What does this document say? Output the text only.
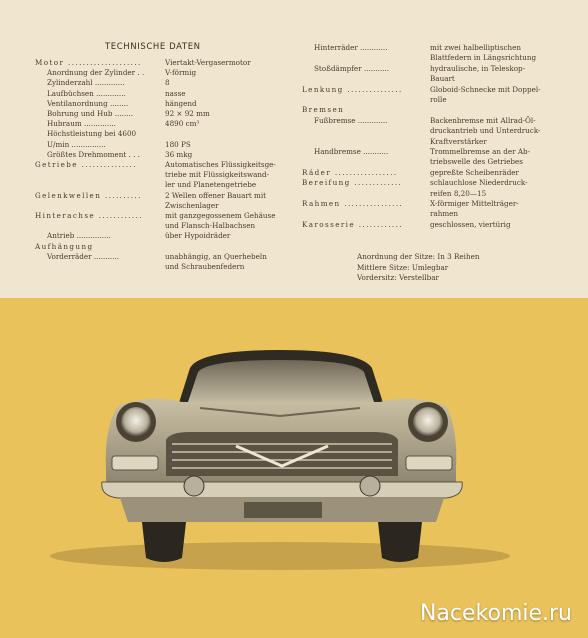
TECHNISCHE DATEN
Motor ....................	Viertakt-Vergasermotor
Anordnung der Zylinder . .	V-förmig
Zylinderzahl .............	8
Laufbüchsen .............	nasse
Ventilanordnung ........	hängend
Bohrung und Hub ........	92 × 92 mm
Hubraum ..............	4890 cm³
Höchstleistung bei 4600
U/min ...............	180 PS
Größtes Drehmoment . . .	36 mkg
Getriebe ...............	Automatisches Flüssigkeitsge-
triebe mit Flüssigkeitswand-
ler und Planetengetriebe
Gelenkwellen ..........	2 Wellen offener Bauart mit
Zwischenlager
Hinterachse ............	mit ganzgegossenem Gehäuse
und Flansch-Halbachsen
Antrieb ...............	über Hypoidräder
Aufhängung
Vorderräder ...........	unabhängig, an Querhebeln
und Schraubenfedern
Hinterräder ............	mit zwei halbelliptischen
Blattfedern in Längsrichtung
Stoßdämpfer ...........	hydraulische, in Teleskop-
Bauart
Lenkung ...............	Globoid-Schnecke mit Doppel-
rolle
Bremsen
Fußbremse .............	Backenbremse mit Allrad-Öl-
druckantrieb und Unterdruck-
Kraftverstärker
Handbremse ...........	Trommelbremse an der Ab-
triebswelle des Getriebes
Räder .................	gepreßte Scheibenräder
Bereifung .............	schlauchlose Niederdruck-
reifen 8,20—15
Rahmen ................	X-förmiger Mittelträger-
rahmen
Karosserie ............	geschlossen, viertürig
Anordnung der Sitze: In 3 Reihen
Mittlere Sitze: Umlegbar
Vordersitz: Verstellbar
Nacekomie.ru
